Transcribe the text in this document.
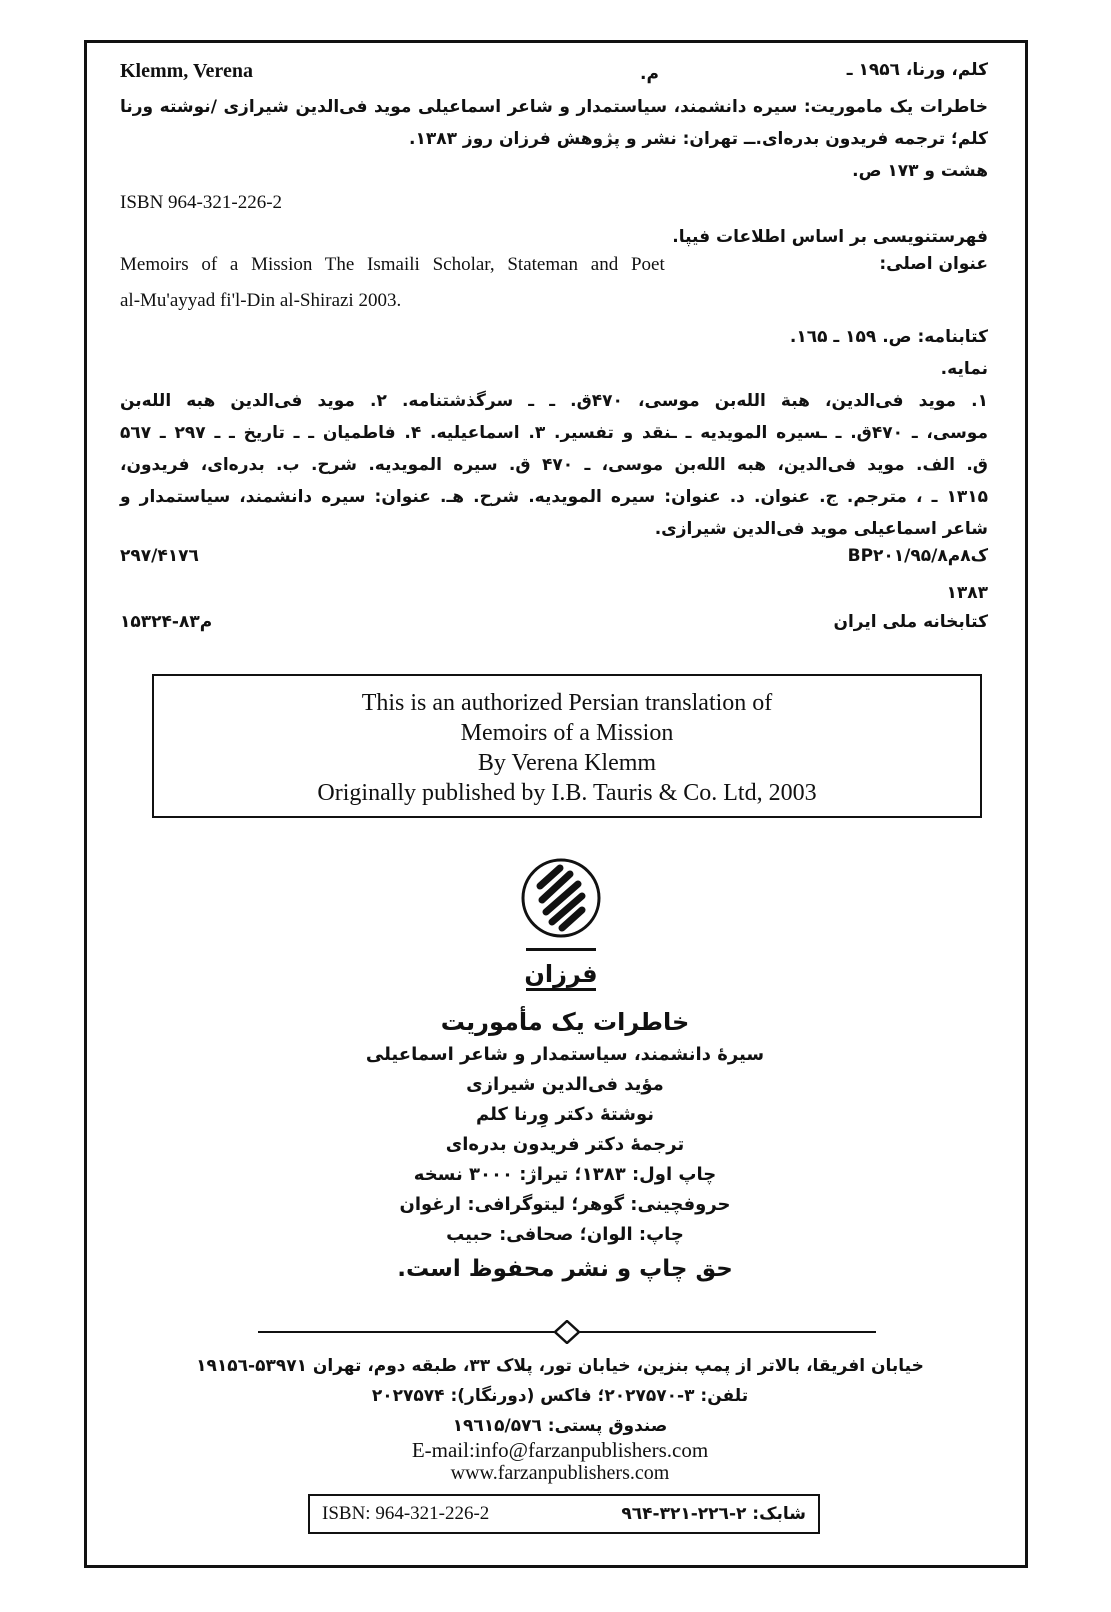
Klemm, Verena	م.	کلم، ورنا، ۱۹۵٦ ـ
خاطرات یک ماموریت: سیره دانشمند، سیاستمدار و شاعر اسماعیلی موید فی‌الدین شیرازی /نوشته ورنا
کلم؛ ترجمه فریدون بدره‌ای.ــ تهران: نشر و پژوهش فرزان روز ۱۳۸۳.
هشت و ۱۷۳ ص.
ISBN 964-321-226-2
فهرستنویسی بر اساس اطلاعات فیپا.
Memoirs of a Mission The Ismaili Scholar, Stateman and Poet	عنوان اصلی:
al-Mu'ayyad fi'l-Din al-Shirazi 2003.
کتابنامه: ص. ۱۵۹ ـ ۱٦۵.
نمایه.
۱. موید فی‌الدین، هبة الله‌بن موسی، ۴۷۰ق. ـ ـ سرگذشتنامه. ۲. موید فی‌الدین هبه الله‌بن
موسی، ـ ۴۷۰ق. ـ ـسیره المویدیه ـ ـنقد و تفسیر. ۳. اسماعیلیه. ۴. فاطمیان ـ ـ تاریخ ـ ـ ۲۹۷ ـ ۵٦۷
ق. الف. موید فی‌الدین، هبه الله‌بن موسی، ـ ۴۷۰ ق. سیره المویدیه. شرح. ب. بدره‌ای، فریدون،
۱۳۱۵ ـ ، مترجم. ج. عنوان. د. عنوان: سیره المویدیه. شرح. هـ. عنوان: سیره دانشمند، سیاستمدار و
شاعر اسماعیلی موید فی‌الدین شیرازی.
۲۹۷/۴۱۷٦	BP۲۰۱/۹۵/ک۸م۸
۱۳۸۳
م۸۳-۱۵۳۲۴	کتابخانه ملی ایران
This is an authorized Persian translation of
Memoirs of a Mission
By Verena Klemm
Originally published by I.B. Tauris & Co. Ltd, 2003
فرزان
خاطرات یک مأموریت
سیرهٔ دانشمند، سیاستمدار و شاعر اسماعیلی
مؤید فی‌الدین شیرازی
نوشتهٔ دکتر وِرنا کلم
ترجمهٔ دکتر فریدون بدره‌ای
چاپ اول: ۱۳۸۳؛ تیراژ: ۳۰۰۰ نسخه
حروفچینی: گوهر؛ لیتوگرافی: ارغوان
چاپ: الوان؛ صحافی: حبیب
حق چاپ و نشر محفوظ است.
خیابان افریقا، بالاتر از پمپ بنزین، خیابان تور، پلاک ۳۳، طبقه دوم، تهران ۵۳۹۷۱-۱۹۱۵٦
تلفن: ۳-۲۰۲۷۵۷۰؛ فاکس (دورنگار): ۲۰۲۷۵۷۴
صندوق پستی: ۱۹٦۱۵/۵۷٦
E-mail:info@farzanpublishers.com
ISBN: 964-321-226-2	شابک: ۲-۲۲٦-۳۲۱-۹٦۴
www.farzanpublishers.com
